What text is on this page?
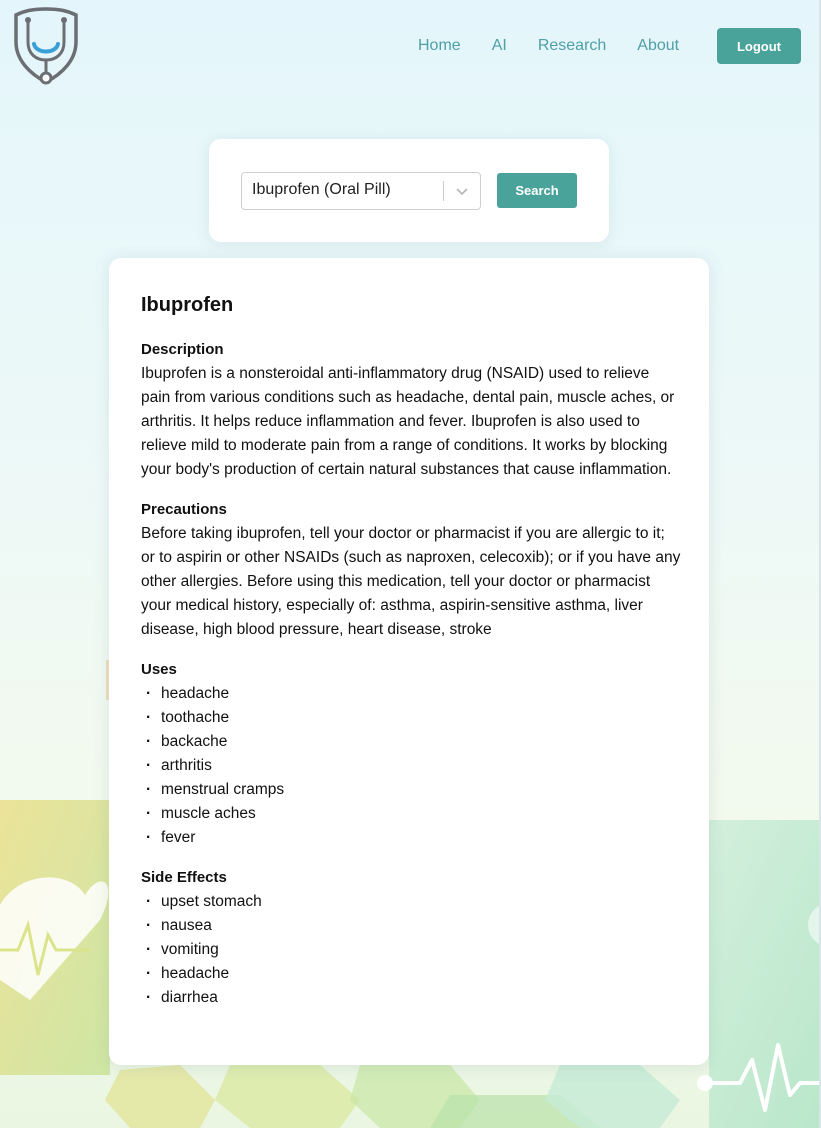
Home	AI	Research	About	Logout
Ibuprofen (Oral Pill)	Search
Ibuprofen
Description

Ibuprofen is a nonsteroidal anti-inflammatory drug (NSAID) used to relieve pain from various conditions such as headache, dental pain, muscle aches, or arthritis. It helps reduce inflammation and fever. Ibuprofen is also used to relieve mild to moderate pain from a range of conditions. It works by blocking your body's production of certain natural substances that cause inflammation.

Precautions

Before taking ibuprofen, tell your doctor or pharmacist if you are allergic to it; or to aspirin or other NSAIDs (such as naproxen, celecoxib); or if you have any other allergies. Before using this medication, tell your doctor or pharmacist your medical history, especially of: asthma, aspirin-sensitive asthma, liver disease, high blood pressure, heart disease, stroke

Uses
· headache
· toothache
· backache
· arthritis
· menstrual cramps
· muscle aches
· fever
Side Effects
· upset stomach
· nausea
· vomiting
· headache
· diarrhea
